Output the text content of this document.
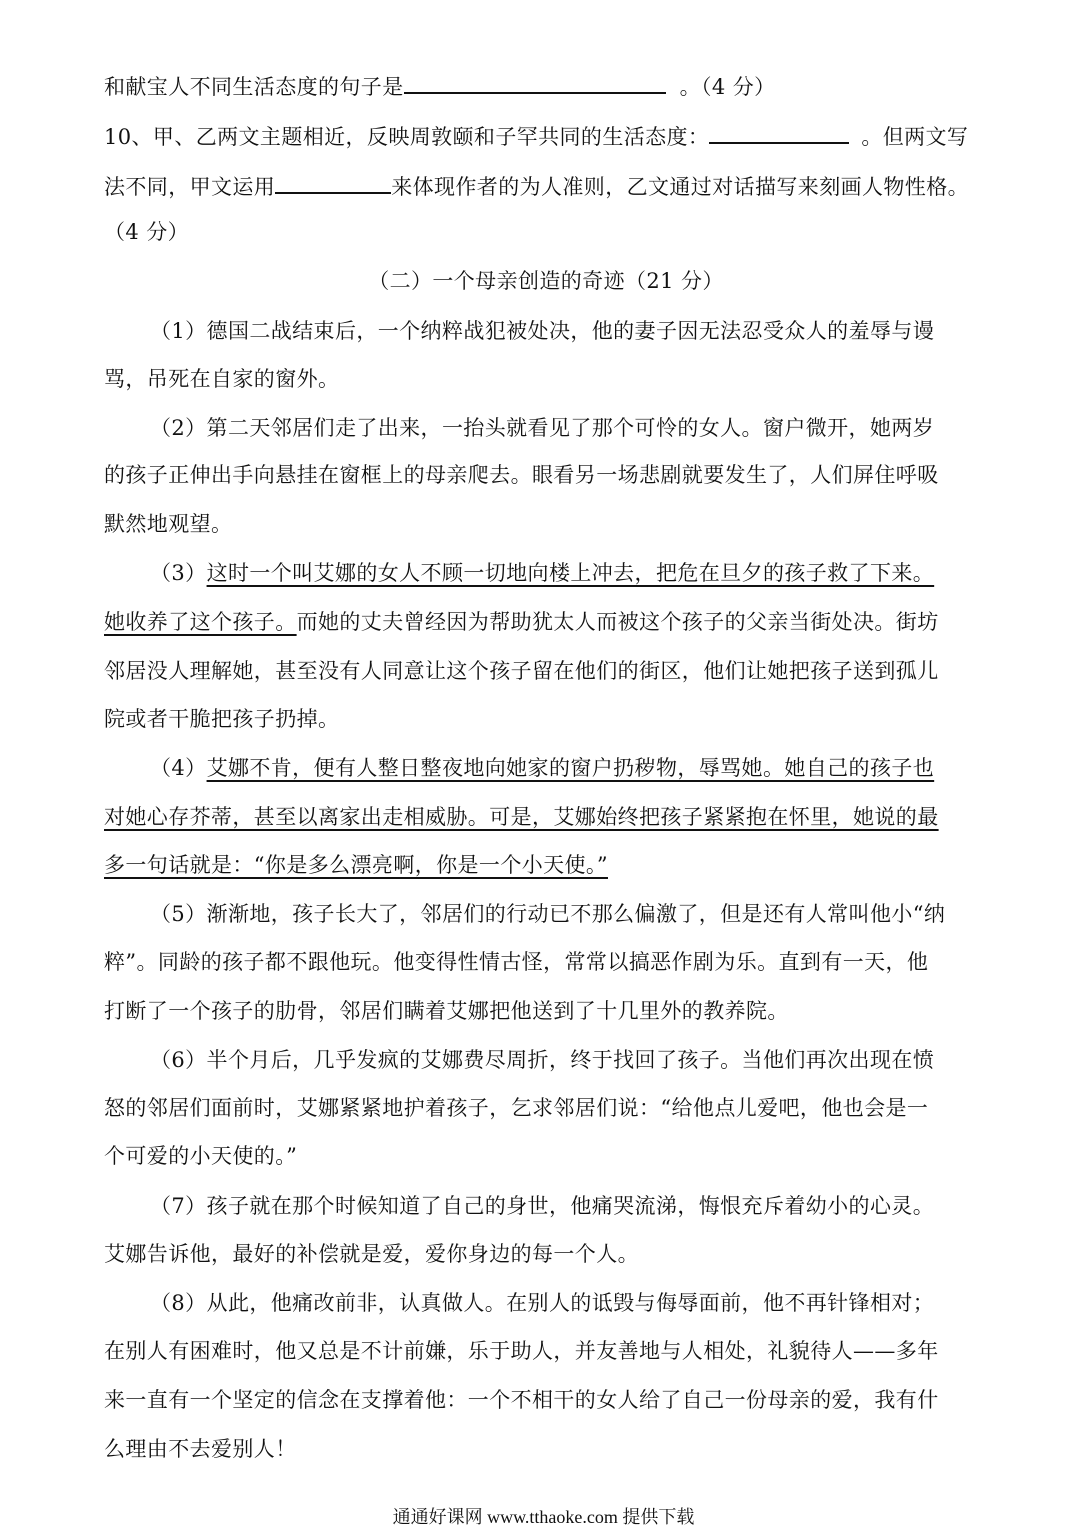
和献宝人不同生活态度的句子是	。（4 分）
10、甲、乙两文主题相近，反映周敦颐和子罕共同的生活态度：	。但两文写
法不同，甲文运用	来体现作者的为人准则，乙文通过对话描写来刻画人物性格。
（4 分）
（二）一个母亲创造的奇迹（21 分）
（1）德国二战结束后，一个纳粹战犯被处决，他的妻子因无法忍受众人的羞辱与谩
骂，吊死在自家的窗外。
（2）第二天邻居们走了出来，一抬头就看见了那个可怜的女人。窗户微开，她两岁
的孩子正伸出手向悬挂在窗框上的母亲爬去。眼看另一场悲剧就要发生了，人们屏住呼吸
默然地观望。
（3）这时一个叫艾娜的女人不顾一切地向楼上冲去，把危在旦夕的孩子救了下来。
她收养了这个孩子。而她的丈夫曾经因为帮助犹太人而被这个孩子的父亲当街处决。街坊
邻居没人理解她，甚至没有人同意让这个孩子留在他们的街区，他们让她把孩子送到孤儿
院或者干脆把孩子扔掉。
（4）艾娜不肯，便有人整日整夜地向她家的窗户扔秽物，辱骂她。她自己的孩子也
对她心存芥蒂，甚至以离家出走相威胁。可是，艾娜始终把孩子紧紧抱在怀里，她说的最
多一句话就是：“你是多么漂亮啊，你是一个小天使。”
（5）渐渐地，孩子长大了，邻居们的行动已不那么偏激了，但是还有人常叫他小“纳
粹”。同龄的孩子都不跟他玩。他变得性情古怪，常常以搞恶作剧为乐。直到有一天，他
打断了一个孩子的肋骨，邻居们瞒着艾娜把他送到了十几里外的教养院。
（6）半个月后，几乎发疯的艾娜费尽周折，终于找回了孩子。当他们再次出现在愤
怒的邻居们面前时，艾娜紧紧地护着孩子，乞求邻居们说：“给他点儿爱吧，他也会是一
个可爱的小天使的。”
（7）孩子就在那个时候知道了自己的身世，他痛哭流涕，悔恨充斥着幼小的心灵。
艾娜告诉他，最好的补偿就是爱，爱你身边的每一个人。
（8）从此，他痛改前非，认真做人。在别人的诋毁与侮辱面前，他不再针锋相对；
在别人有困难时，他又总是不计前嫌，乐于助人，并友善地与人相处，礼貌待人——多年
来一直有一个坚定的信念在支撑着他：一个不相干的女人给了自己一份母亲的爱，我有什
么理由不去爱别人！
通通好课网 www.tthaoke.com 提供下载
